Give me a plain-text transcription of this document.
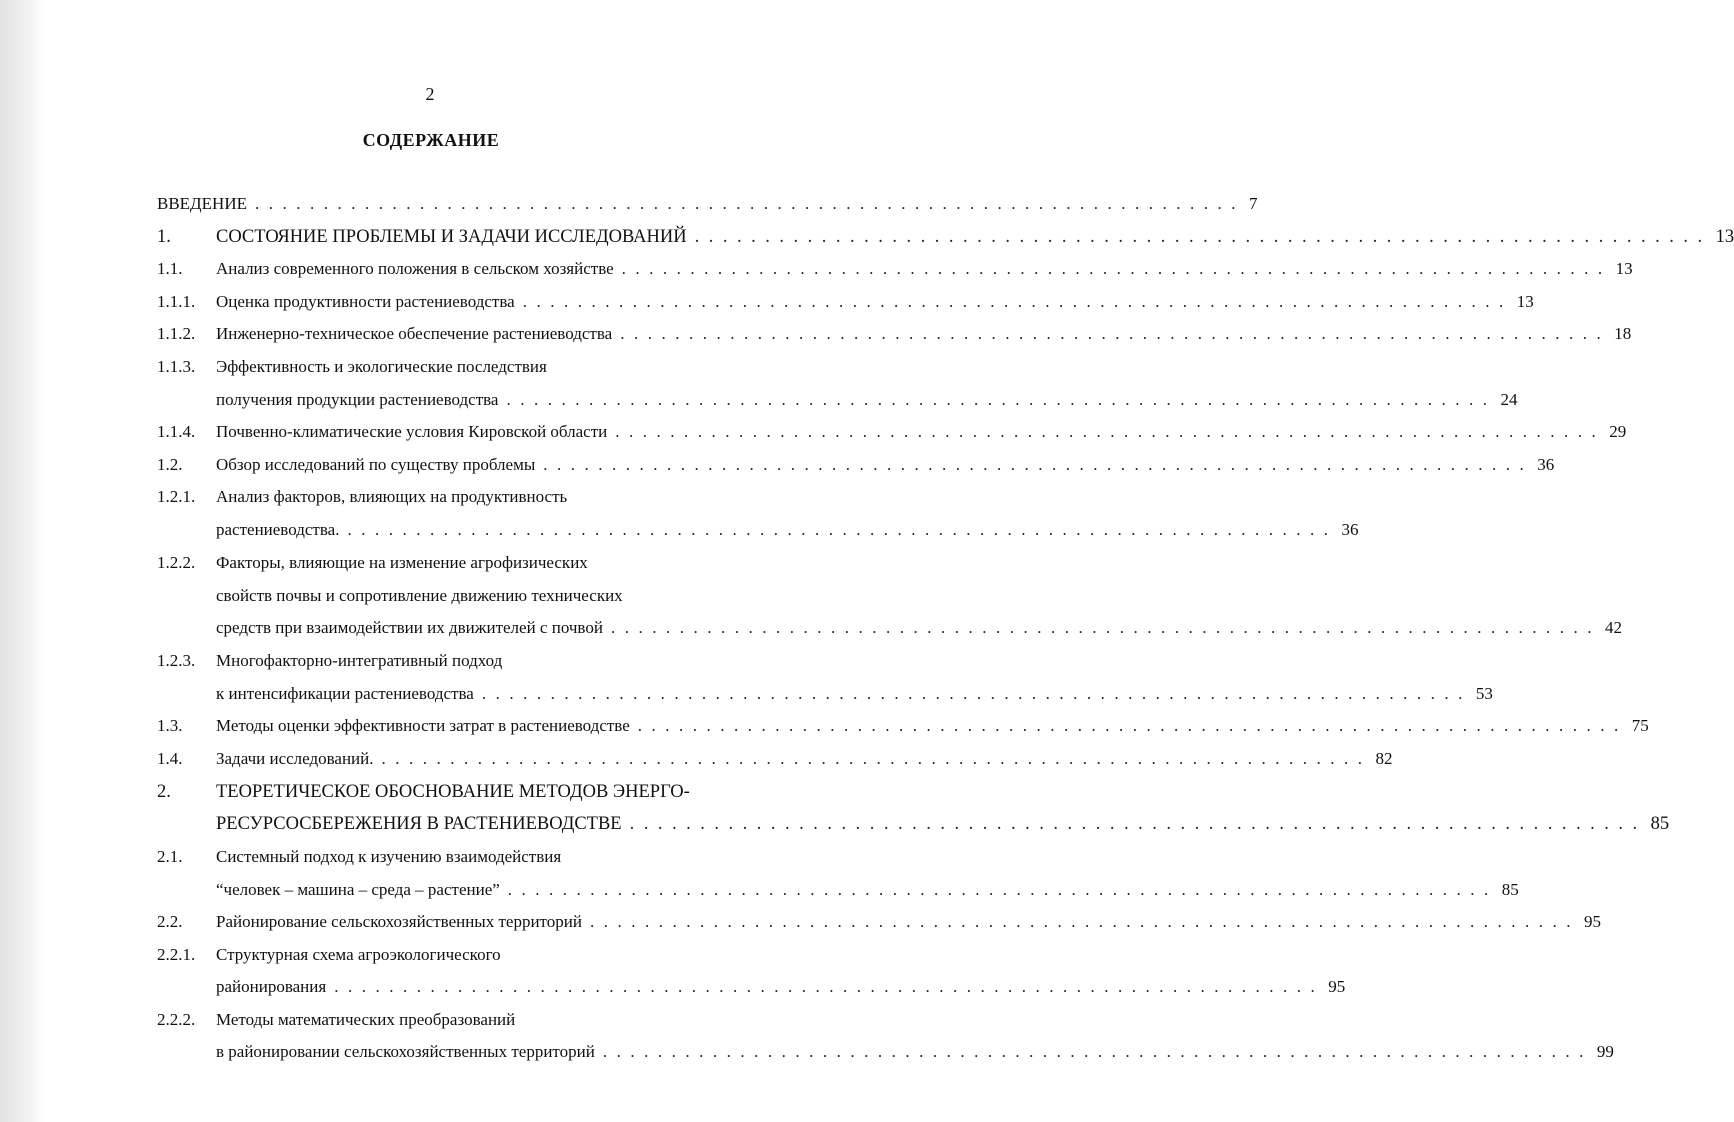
2
СОДЕРЖАНИЕ
ВВЕДЕНИЕ ........................................................................ 7
1. СОСТОЯНИЕ ПРОБЛЕМЫ И ЗАДАЧИ ИССЛЕДОВАНИЙ ........................................................................ 13
1.1. Анализ современного положения в сельском хозяйстве ........................................................................ 13
1.1.1. Оценка продуктивности растениеводства ........................................................................ 13
1.1.2. Инженерно-техническое обеспечение растениеводства ........................................................................ 18
1.1.3. Эффективность и экологические последствия
получения продукции растениеводства ........................................................................ 24
1.1.4. Почвенно-климатические условия Кировской области ........................................................................ 29
1.2. Обзор исследований по существу проблемы ........................................................................ 36
1.2.1. Анализ факторов, влияющих на продуктивность
растениеводства. ........................................................................ 36
1.2.2. Факторы, влияющие на изменение агрофизических
свойств почвы и сопротивление движению технических
средств при взаимодействии их движителей с почвой ........................................................................ 42
1.2.3. Многофакторно-интегративный подход
к интенсификации растениеводства ........................................................................ 53
1.3. Методы оценки эффективности затрат в растениеводстве ........................................................................ 75
1.4. Задачи исследований. ........................................................................ 82
2. ТЕОРЕТИЧЕСКОЕ ОБОСНОВАНИЕ МЕТОДОВ ЭНЕРГО-
РЕСУРСОСБЕРЕЖЕНИЯ В РАСТЕНИЕВОДСТВЕ ........................................................................ 85
2.1. Системный подход к изучению взаимодействия
“человек – машина – среда – растение” ........................................................................ 85
2.2. Районирование сельскохозяйственных территорий ........................................................................ 95
2.2.1. Структурная схема агроэкологического
районирования ........................................................................ 95
2.2.2. Методы математических преобразований
в районировании сельскохозяйственных территорий ........................................................................ 99
